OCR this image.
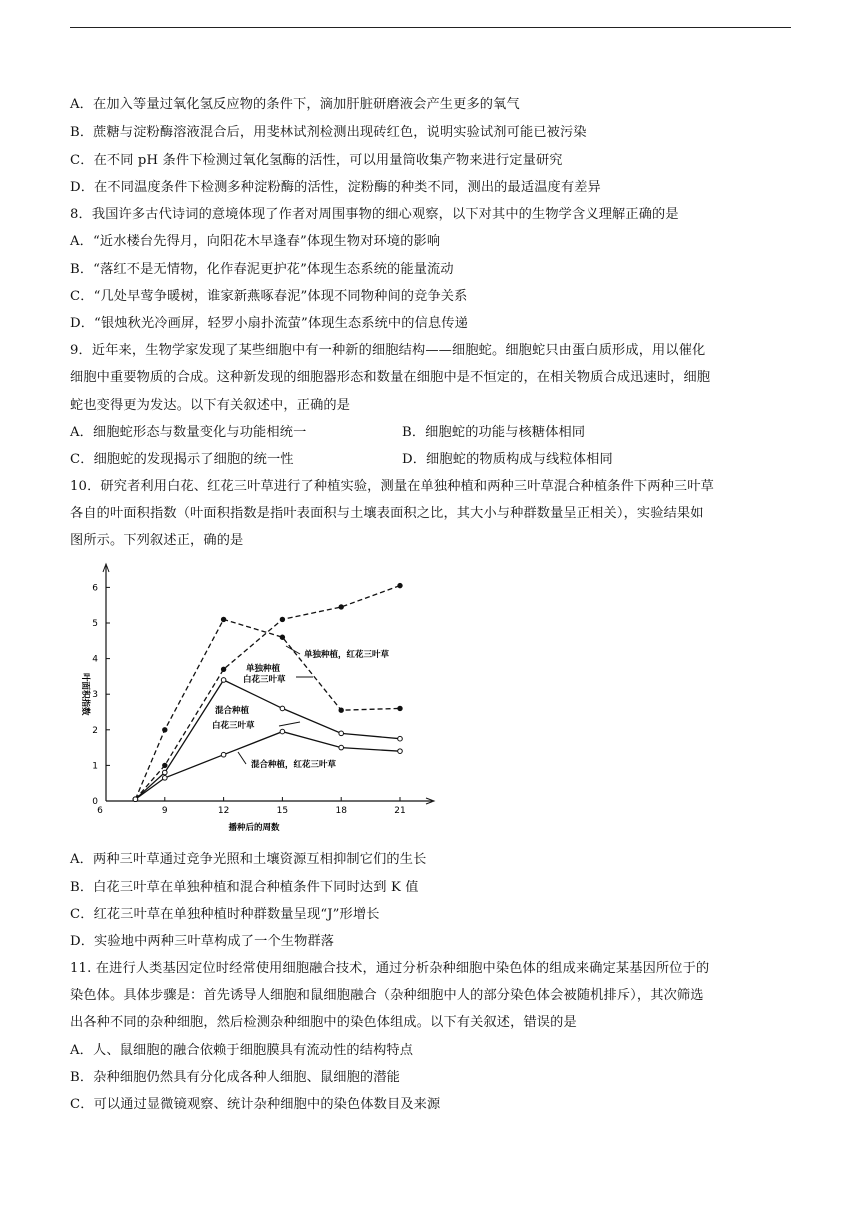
A．在加入等量过氧化氢反应物的条件下，滴加肝脏研磨液会产生更多的氧气
B．蔗糖与淀粉酶溶液混合后，用斐林试剂检测出现砖红色，说明实验试剂可能已被污染
C．在不同 pH 条件下检测过氧化氢酶的活性，可以用量筒收集产物来进行定量研究
D．在不同温度条件下检测多种淀粉酶的活性，淀粉酶的种类不同，测出的最适温度有差异
8．我国许多古代诗词的意境体现了作者对周围事物的细心观察，以下对其中的生物学含义理解正确的是
A．“近水楼台先得月，向阳花木早逢春”体现生物对环境的影响
B．“落红不是无情物，化作春泥更护花”体现生态系统的能量流动
C．“几处早莺争暖树，谁家新燕啄春泥”体现不同物种间的竞争关系
D．“银烛秋光冷画屏，轻罗小扇扑流萤”体现生态系统中的信息传递
9．近年来，生物学家发现了某些细胞中有一种新的细胞结构——细胞蛇。细胞蛇只由蛋白质形成，用以催化
细胞中重要物质的合成。这种新发现的细胞器形态和数量在细胞中是不恒定的，在相关物质合成迅速时，细胞
蛇也变得更为发达。以下有关叙述中，正确的是
A．细胞蛇形态与数量变化与功能相统一	B．细胞蛇的功能与核糖体相同
C．细胞蛇的发现揭示了细胞的统一性	D．细胞蛇的物质构成与线粒体相同
10．研究者利用白花、红花三叶草进行了种植实验，测量在单独种植和两种三叶草混合种植条件下两种三叶草
各自的叶面积指数（叶面积指数是指叶表面积与土壤表面积之比，其大小与种群数量呈正相关），实验结果如
图所示。下列叙述正，确的是
0
1
2
3
4
5
6
6	9	12	15	18	21
单独种植，红花三叶草
单独种植
白花三叶草
混合种植
白花三叶草
混合种植，红花三叶草
播种后的周数
叶面积指数
A．两种三叶草通过竞争光照和土壤资源互相抑制它们的生长
B．白花三叶草在单独种植和混合种植条件下同时达到 K 值
C．红花三叶草在单独种植时种群数量呈现“J”形增长
D．实验地中两种三叶草构成了一个生物群落
11. 在进行人类基因定位时经常使用细胞融合技术，通过分析杂种细胞中染色体的组成来确定某基因所位于的
染色体。具体步骤是：首先诱导人细胞和鼠细胞融合（杂种细胞中人的部分染色体会被随机排斥），其次筛选
出各种不同的杂种细胞，然后检测杂种细胞中的染色体组成。以下有关叙述，错误的是
A．人、鼠细胞的融合依赖于细胞膜具有流动性的结构特点
B．杂种细胞仍然具有分化成各种人细胞、鼠细胞的潜能
C．可以通过显微镜观察、统计杂种细胞中的染色体数目及来源
